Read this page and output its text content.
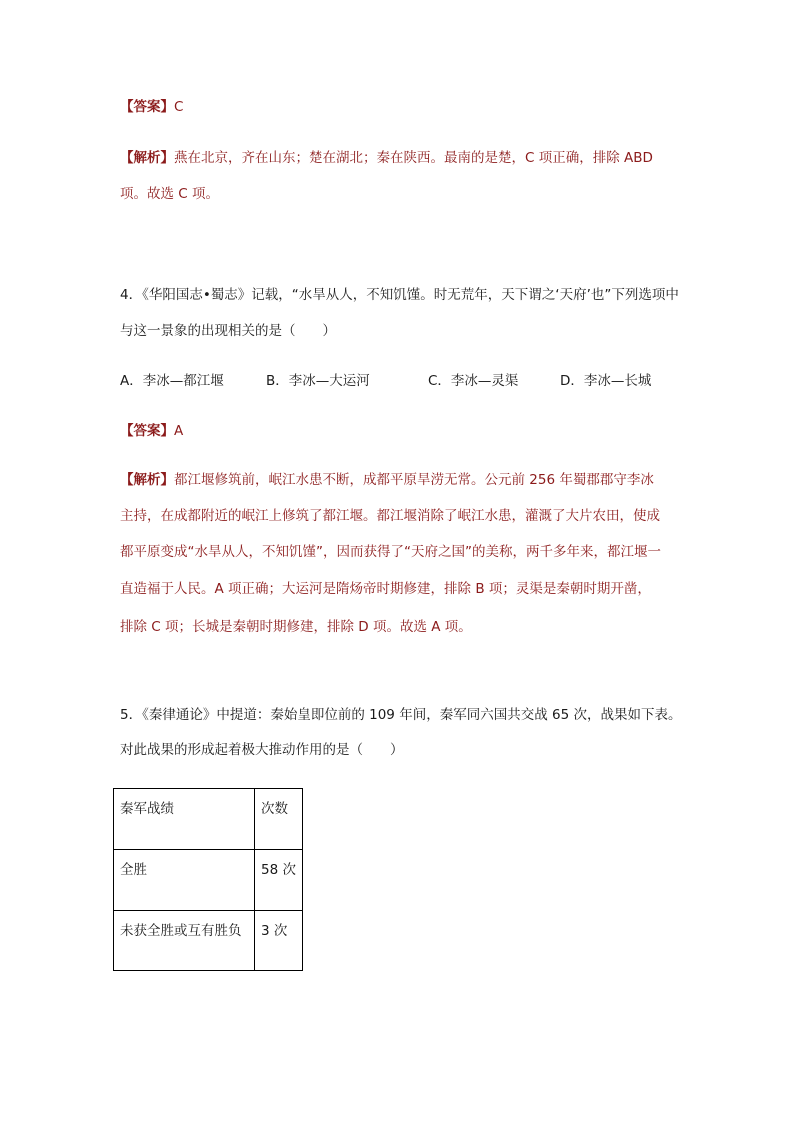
【答案】C
【解析】燕在北京，齐在山东；楚在湖北；秦在陕西。最南的是楚，C 项正确，排除 ABD
项。故选 C 项。
4．《华阳国志•蜀志》记载，“水旱从人，不知饥馑。时无荒年，天下谓之‘天府’也”下列选项中
与这一景象的出现相关的是（　　）
A．李冰—都江堰	B．李冰—大运河	C．李冰—灵渠	D．李冰—长城
【答案】A
【解析】都江堰修筑前，岷江水患不断，成都平原旱涝无常。公元前 256 年蜀郡郡守李冰
主持，在成都附近的岷江上修筑了都江堰。都江堰消除了岷江水患，灌溉了大片农田，使成
都平原变成“水旱从人，不知饥馑”，因而获得了“天府之国”的美称，两千多年来，都江堰一
直造福于人民。A 项正确；大运河是隋炀帝时期修建，排除 B 项；灵渠是秦朝时期开凿，
排除 C 项；长城是秦朝时期修建，排除 D 项。故选 A 项。
5．《秦律通论》中提道：秦始皇即位前的 109 年间，秦军同六国共交战 65 次，战果如下表。
对此战果的形成起着极大推动作用的是（　　）
秦军战绩	次数
全胜	58 次
未获全胜或互有胜负	3 次
